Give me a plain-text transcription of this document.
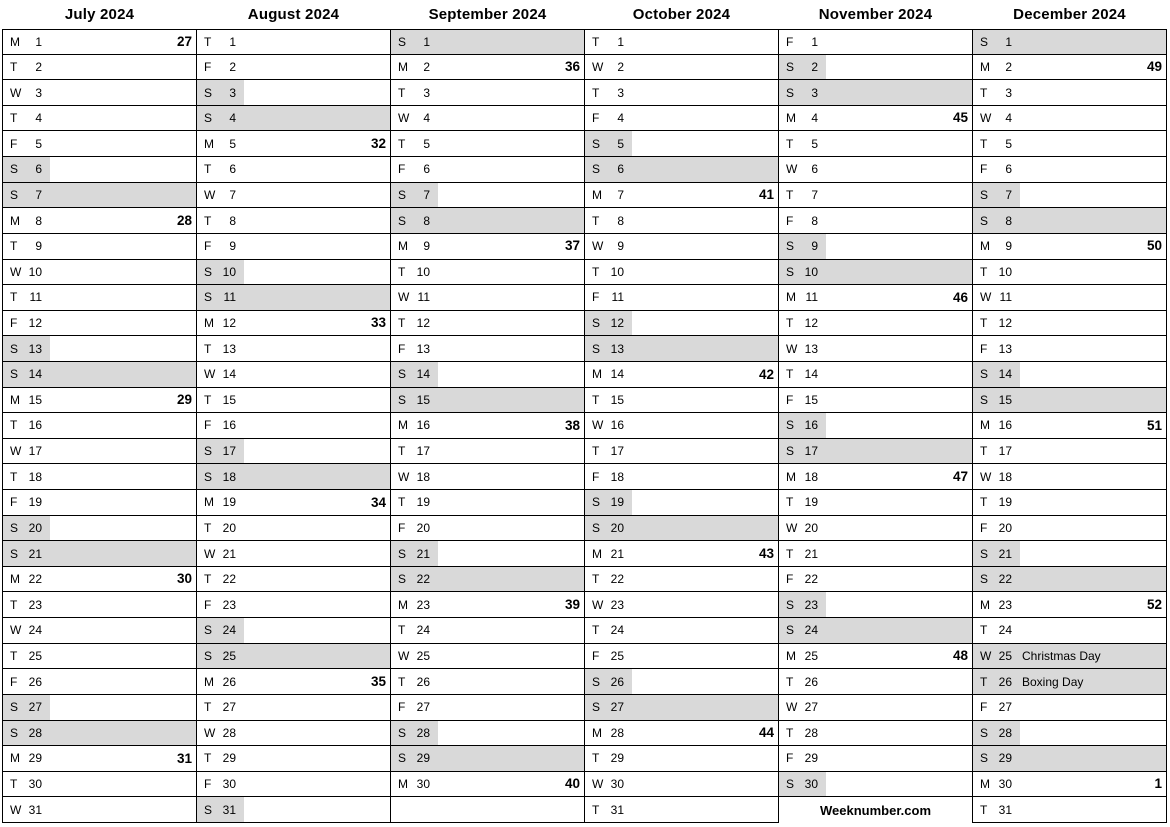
July 2024
M	1	27
T	2
W	3
T	4
F	5
S	6
S	7
M	8	28
T	9
W 10
T	11
F 12
S 13
S 14
M 15	29
T 16
W 17
T 18
F 19
S 20
S 21
M 22	30
T 23
W 24
T 25
F 26
S 27
S 28
M 29	31
T 30
W 31
August 2024
T	1
F	2
S	3
S	4
M	5	32
T	6
W	7
T	8
F	9
S 10
S 11
M 12	33
T 13
W 14
T 15
F 16
S 17
S 18
M 19	34
T 20
W 21
T 22
F 23
S 24
S 25
M 26	35
T 27
W 28
T 29
F 30
S 31
September 2024
S	1
M	2	36
T	3
W	4
T	5
F	6
S	7
S	8
M	9	37
T 10
W 11
T 12
F 13
S 14
S 15
M 16	38
T 17
W 18
T 19
F 20
S 21
S 22
M 23	39
T 24
W 25
T 26
F 27
S 28
S 29
M 30	40
October 2024
T	1
W	2
T	3
F	4
S	5
S	6
M	7	41
T	8
W	9
T 10
F	11
S 12
S 13
M 14	42
T 15
W 16
T 17
F 18
S 19
S 20
M 21	43
T 22
W 23
T 24
F 25
S 26
S 27
M 28	44
T 29
W 30
T 31
November 2024
F	1
S	2
S	3
M	4	45
T	5
W	6
T	7
F	8
S	9
S 10
M 11	46
T 12
W 13
T 14
F 15
S 16
S 17
M 18	47
T 19
W 20
T 21
F 22
S 23
S 24
M 25	48
T 26
W 27
T 28
F 29
S 30
Weeknumber.com
December 2024
S	1
M	2	49
T	3
W	4
T	5
F	6
S	7
S	8
M	9	50
T 10
W 11
T 12
F 13
S 14
S 15
M 16	51
T 17
W 18
T 19
F 20
S 21
S 22
M 23	52
T 24
W 25 Christmas Day
T 26 Boxing Day
F 27
S 28
S 29
M 30	1
T 31
